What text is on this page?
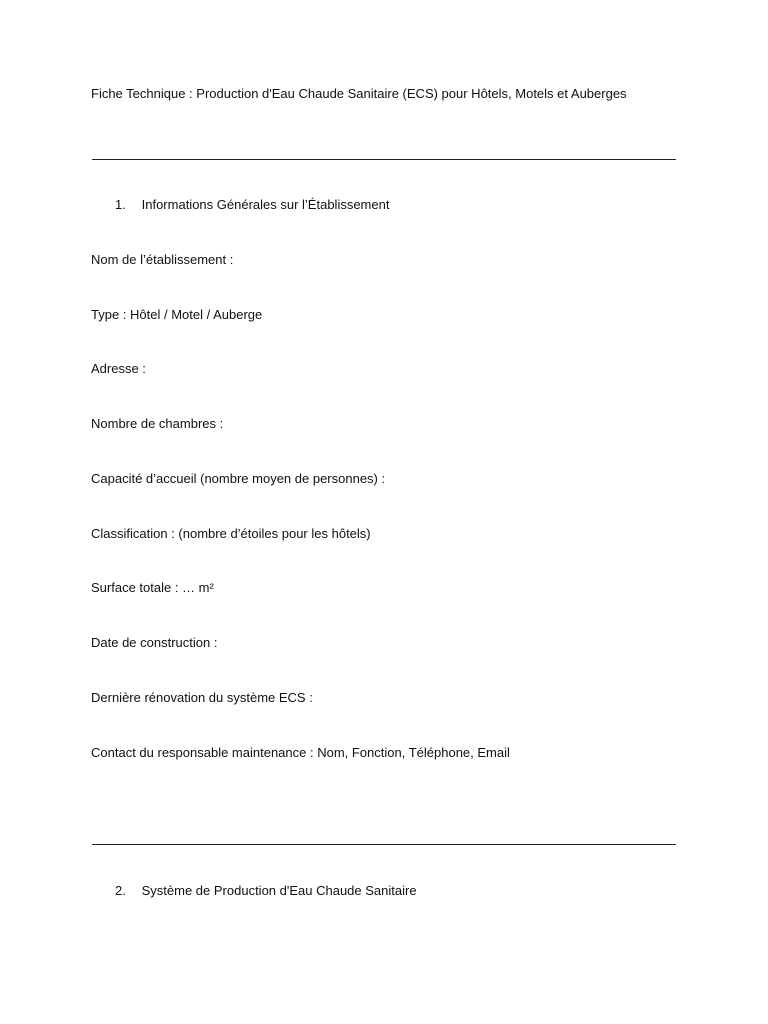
Fiche Technique : Production d'Eau Chaude Sanitaire (ECS) pour Hôtels, Motels et Auberges
1. Informations Générales sur l’Établissement
Nom de l’établissement :
Type : Hôtel / Motel / Auberge
Adresse :
Nombre de chambres :
Capacité d’accueil (nombre moyen de personnes) :
Classification : (nombre d’étoiles pour les hôtels)
Surface totale : … m²
Date de construction :
Dernière rénovation du système ECS :
Contact du responsable maintenance : Nom, Fonction, Téléphone, Email
2. Système de Production d'Eau Chaude Sanitaire
